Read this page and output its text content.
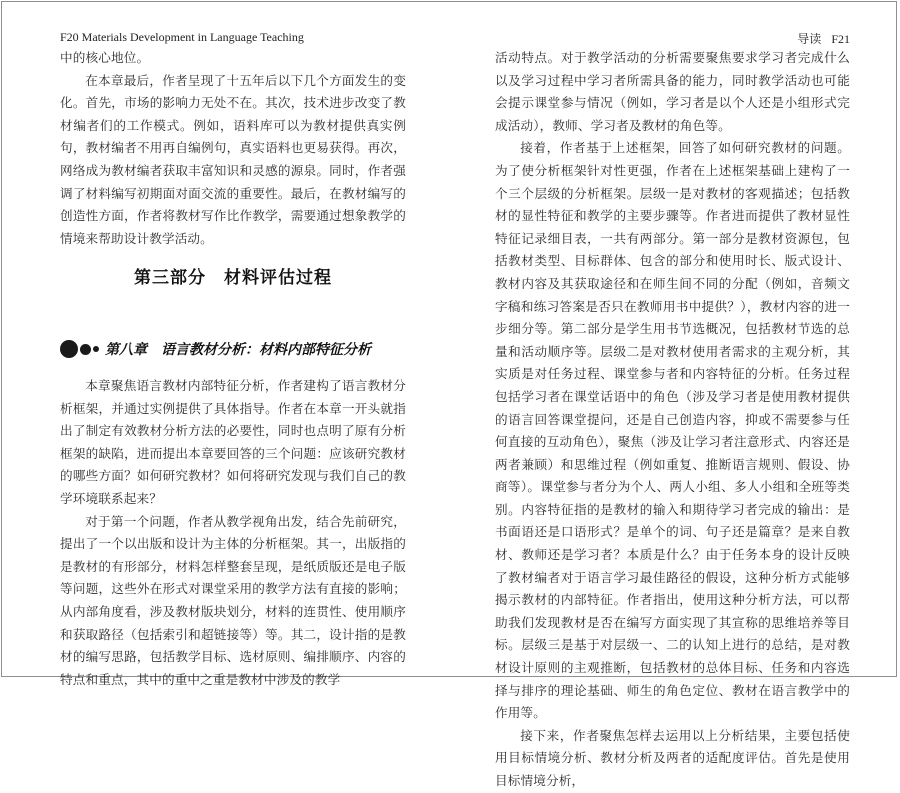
F20 Materials Development in Language Teaching

中的核心地位。

在本章最后，作者呈现了十五年后以下几个方面发生的变化。首先，市场的影响力无处不在。其次，技术进步改变了教材编者们的工作模式。例如，语料库可以为教材提供真实例句，教材编者不用再自编例句，真实语料也更易获得。再次，网络成为教材编者获取丰富知识和灵感的源泉。同时，作者强调了材料编写初期面对面交流的重要性。最后，在教材编写的创造性方面，作者将教材写作比作教学，需要通过想象教学的情境来帮助设计教学活动。

第三部分　材料评估过程
第八章　语言教材分析：材料内部特征分析

本章聚焦语言教材内部特征分析，作者建构了语言教材分析框架，并通过实例提供了具体指导。作者在本章一开头就指出了制定有效教材分析方法的必要性，同时也点明了原有分析框架的缺陷，进而提出本章要回答的三个问题：应该研究教材的哪些方面？如何研究教材？如何将研究发现与我们自己的教学环境联系起来？

对于第一个问题，作者从教学视角出发，结合先前研究，提出了一个以出版和设计为主体的分析框架。其一，出版指的是教材的有形部分，材料怎样整套呈现，是纸质版还是电子版等问题，这些外在形式对课堂采用的教学方法有直接的影响；从内部角度看，涉及教材版块划分，材料的连贯性、使用顺序和获取路径（包括索引和超链接等）等。其二，设计指的是教材的编写思路，包括教学目标、选材原则、编排顺序、内容的特点和重点，其中的重中之重是教材中涉及的教学

导读 F21

活动特点。对于教学活动的分析需要聚焦要求学习者完成什么以及学习过程中学习者所需具备的能力，同时教学活动也可能会提示课堂参与情况（例如，学习者是以个人还是小组形式完成活动），教师、学习者及教材的角色等。

接着，作者基于上述框架，回答了如何研究教材的问题。为了使分析框架针对性更强，作者在上述框架基础上建构了一个三个层级的分析框架。层级一是对教材的客观描述；包括教材的显性特征和教学的主要步骤等。作者进而提供了教材显性特征记录细目表，一共有两部分。第一部分是教材资源包，包括教材类型、目标群体、包含的部分和使用时长、版式设计、教材内容及其获取途径和在师生间不同的分配（例如，音频文字稿和练习答案是否只在教师用书中提供？），教材内容的进一步细分等。第二部分是学生用书节选概况，包括教材节选的总量和活动顺序等。层级二是对教材使用者需求的主观分析，其实质是对任务过程、课堂参与者和内容特征的分析。任务过程包括学习者在课堂话语中的角色（涉及学习者是使用教材提供的语言回答课堂提问，还是自己创造内容，抑或不需要参与任何直接的互动角色），聚焦（涉及让学习者注意形式、内容还是两者兼顾）和思维过程（例如重复、推断语言规则、假设、协商等）。课堂参与者分为个人、两人小组、多人小组和全班等类别。内容特征指的是教材的输入和期待学习者完成的输出：是书面语还是口语形式？是单个的词、句子还是篇章？是来自教材、教师还是学习者？本质是什么？由于任务本身的设计反映了教材编者对于语言学习最佳路径的假设，这种分析方式能够揭示教材的内部特征。作者指出，使用这种分析方法，可以帮助我们发现教材是否在编写方面实现了其宣称的思维培养等目标。层级三是基于对层级一、二的认知上进行的总结，是对教材设计原则的主观推断，包括教材的总体目标、任务和内容选择与排序的理论基础、师生的角色定位、教材在语言教学中的作用等。

接下来，作者聚焦怎样去运用以上分析结果，主要包括使用目标情境分析、教材分析及两者的适配度评估。首先是使用目标情境分析，
